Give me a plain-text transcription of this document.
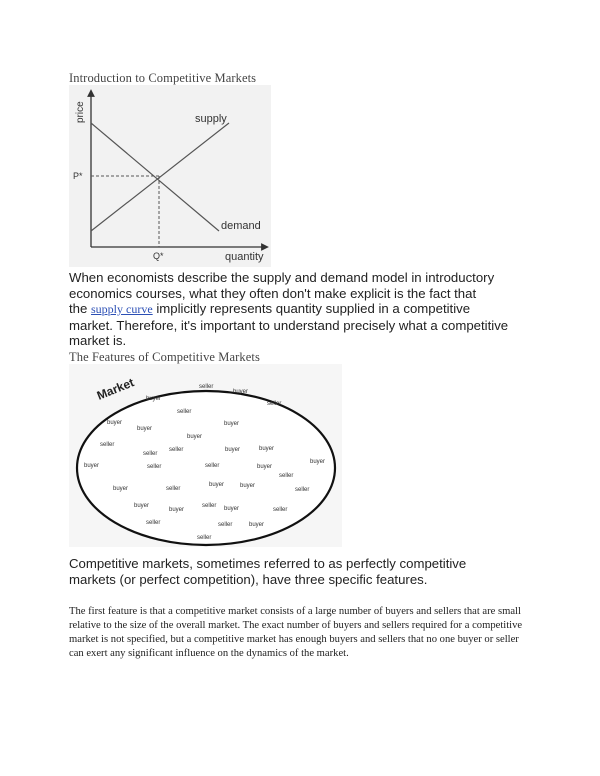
Introduction to Competitive Markets
price	supply
demand
P*
Q*	quantity
When economists describe the supply and demand model in introductory
economics courses, what they often don't make explicit is the fact that
the supply curve implicitly represents quantity supplied in a competitive
market. Therefore, it's important to understand precisely what a competitive
market is.
The Features of Competitive Markets
Market	seller
buyer
buyer
seller
seller
buyer
buyer
buyer
buyer
seller
seller
seller	buyer	buyer
buyer
buyer	seller	seller	buyer
seller
buyer	seller
buyer	buyer
seller
buyer
buyer
seller buyer	seller
seller	seller	buyer
seller
Competitive markets, sometimes referred to as perfectly competitive
markets (or perfect competition), have three specific features.
The first feature is that a competitive market consists of a large number of buyers and sellers that are small relative to the size of the overall market. The exact number of buyers and sellers required for a competitive market is not specified, but a competitive market has enough buyers and sellers that no one buyer or seller can exert any significant influence on the dynamics of the market.
